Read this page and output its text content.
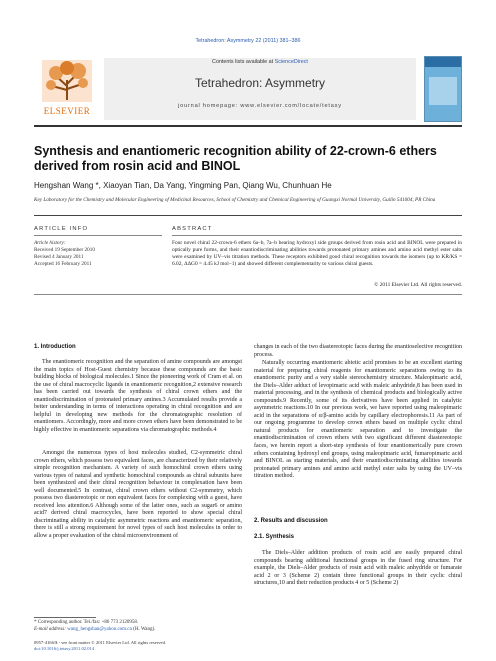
Tetrahedron: Asymmetry 22 (2011) 381–386
ELSEVIER
Contents lists available at ScienceDirect
Tetrahedron: Asymmetry
journal homepage: www.elsevier.com/locate/tetasy
Synthesis and enantiomeric recognition ability of 22-crown-6 ethers derived from rosin acid and BINOL
Hengshan Wang *, Xiaoyan Tian, Da Yang, Yingming Pan, Qiang Wu, Chunhuan He
Key Laboratory for the Chemistry and Molecular Engineering of Medicinal Resources, School of Chemistry and Chemical Engineering of Guangxi Normal University, Guilin 541004, PR China
ARTICLE INFO	ABSTRACT
Article history:
Received 19 September 2010
Revised 4 January 2011
Accepted 16 February 2011
Four novel chiral 22-crown-6 ethers 6a–b, 7a–b bearing hydroxyl side groups derived from rosin acid and BINOL were prepared in optically pure forms, and their enantiodiscriminating abilities towards protonated primary amines and amino acid methyl ester salts were examined by UV–vis titration methods. These receptors exhibited good chiral recognition towards the isomers (up to KR/KS = 6.02, ΔΔG0 = 4.45 kJ mol−1) and showed different complementarity to various chiral guests.
© 2011 Elsevier Ltd. All rights reserved.
1. Introduction
The enantiomeric recognition and the separation of amine compounds are amongst the main topics of Host-Guest chemistry because these compounds are the basic building blocks of biological molecules.1 Since the pioneering work of Cram et al. on the use of chiral macrocyclic ligands in enantiomeric recognition,2 extensive research has been carried out towards the synthesis of chiral crown ethers and the enantiodiscrimination of protonated primary amines.3 Accumulated results provide a better understanding in terms of interactions operating in chiral recognition and are helpful in developing new methods for the chromatographic resolution of enantiomers. Accordingly, more and more crown ethers have been demonstrated to be highly effective in enantiomeric separations via chromatographic methods.4
Amongst the numerous types of host molecules studied, C2-symmetric chiral crown ethers, which possess two equivalent faces, are characterized by their relatively simple recognition mechanism. A variety of such homochiral crown ethers using various types of natural and synthetic homochiral compounds as chiral subunits have been synthesized and their chiral recognition behaviour in complexation have been well documented.5 In contrast, chiral crown ethers without C2-symmetry, which possess two diastereotopic or non equivalent faces for complexing with a guest, have received less attention.6 Although some of the latter ones, such as sugar6 or amino acid7 derived chiral macrocycles, have been reported to show special chiral discriminating ability in catalytic asymmetric reactions and enantiomeric separation, there is still a strong requirement for novel types of such host molecules in order to allow a proper evaluation of the chiral microenvironment of
changes in each of the two diastereotopic faces during the enantioselective recognition process.
Naturally occurring enantiomeric abietic acid promises to be an excellent starting material for preparing chiral reagents for enantiomeric separations owing to its enantiomeric purity and a very stable stereochemistry structure. Maleopimaric acid, the Diels–Alder adduct of levopimaric acid with maleic anhydride,8 has been used in material processing, and in the synthesis of chemical products and biologically active compounds.9 Recently, some of its derivatives have been applied in catalytic asymmetric reactions.10 In our previous work, we have reported using maleopimaric acid in the separations of α/β-amino acids by capillary electrophoresis.11 As part of our ongoing programme to develop crown ethers based on multiple cyclic chiral natural products for enantiomeric separation and to investigate the enantiodiscrimination of crown ethers with two significant different diastereotopic faces, we herein report a short-step synthesis of four enantiomerically pure crown ethers containing hydroxyl end groups, using maleopimaric acid, fumaropimaric acid and BINOL as starting materials, and their enantiodiscriminating abilities towards protonated primary amines and amino acid methyl ester salts by using the UV–vis titration method.
2. Results and discussion
2.1. Synthesis
The Diels–Alder addition products of rosin acid are easily prepared chiral compounds bearing additional functional groups in the fused ring structure. For example, the Diels–Alder products of rosin acid with maleic anhydride or fumarate acid 2 or 3 (Scheme 2) contain three functional groups in their cyclic chiral structures,10 and their reduction products 4 or 5 (Scheme 2)
* Corresponding author. Tel./fax: +86 773 2120958.
E-mail address: wang_hengshan@yahoo.com.cn (H. Wang).
0957-4166/$ - see front matter © 2011 Elsevier Ltd. All rights reserved.
doi:10.1016/j.tetasy.2011.02.014
